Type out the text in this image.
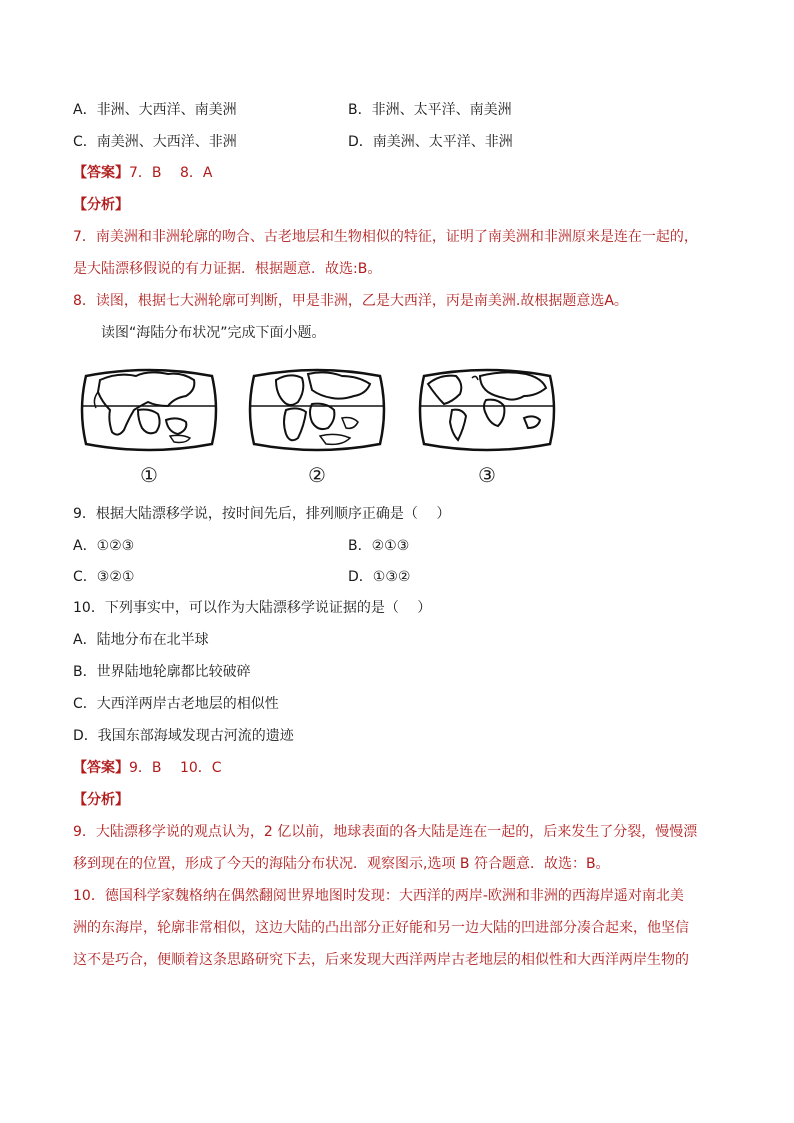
A．非洲、大西洋、南美洲	B．非洲、太平洋、南美洲
C．南美洲、大西洋、非洲	D．南美洲、太平洋、非洲
【答案】7．B　 8．A
【分析】
7．南美洲和非洲轮廓的吻合、古老地层和生物相似的特征，证明了南美洲和非洲原来是连在一起的，
是大陆漂移假说的有力证据．根据题意．故选:B。
8．读图，根据七大洲轮廓可判断，甲是非洲，乙是大西洋，丙是南美洲.故根据题意选A。
读图“海陆分布状况”完成下面小题。
①	②	③
9．根据大陆漂移学说，按时间先后，排列顺序正确是（　 ）
A．①②③	B．②①③
C．③②①	D．①③②
10．下列事实中，可以作为大陆漂移学说证据的是（　 ）
A．陆地分布在北半球
B．世界陆地轮廓都比较破碎
C．大西洋两岸古老地层的相似性
D．我国东部海域发现古河流的遗迹
【答案】9．B　 10．C
【分析】
9．大陆漂移学说的观点认为，2 亿以前，地球表面的各大陆是连在一起的，后来发生了分裂，慢慢漂
移到现在的位置，形成了今天的海陆分布状况．观察图示,选项 B 符合题意．故选：B。
10．德国科学家魏格纳在偶然翻阅世界地图时发现：大西洋的两岸-欧洲和非洲的西海岸遥对南北美
洲的东海岸，轮廓非常相似，这边大陆的凸出部分正好能和另一边大陆的凹进部分凑合起来，他坚信
这不是巧合，便顺着这条思路研究下去，后来发现大西洋两岸古老地层的相似性和大西洋两岸生物的
